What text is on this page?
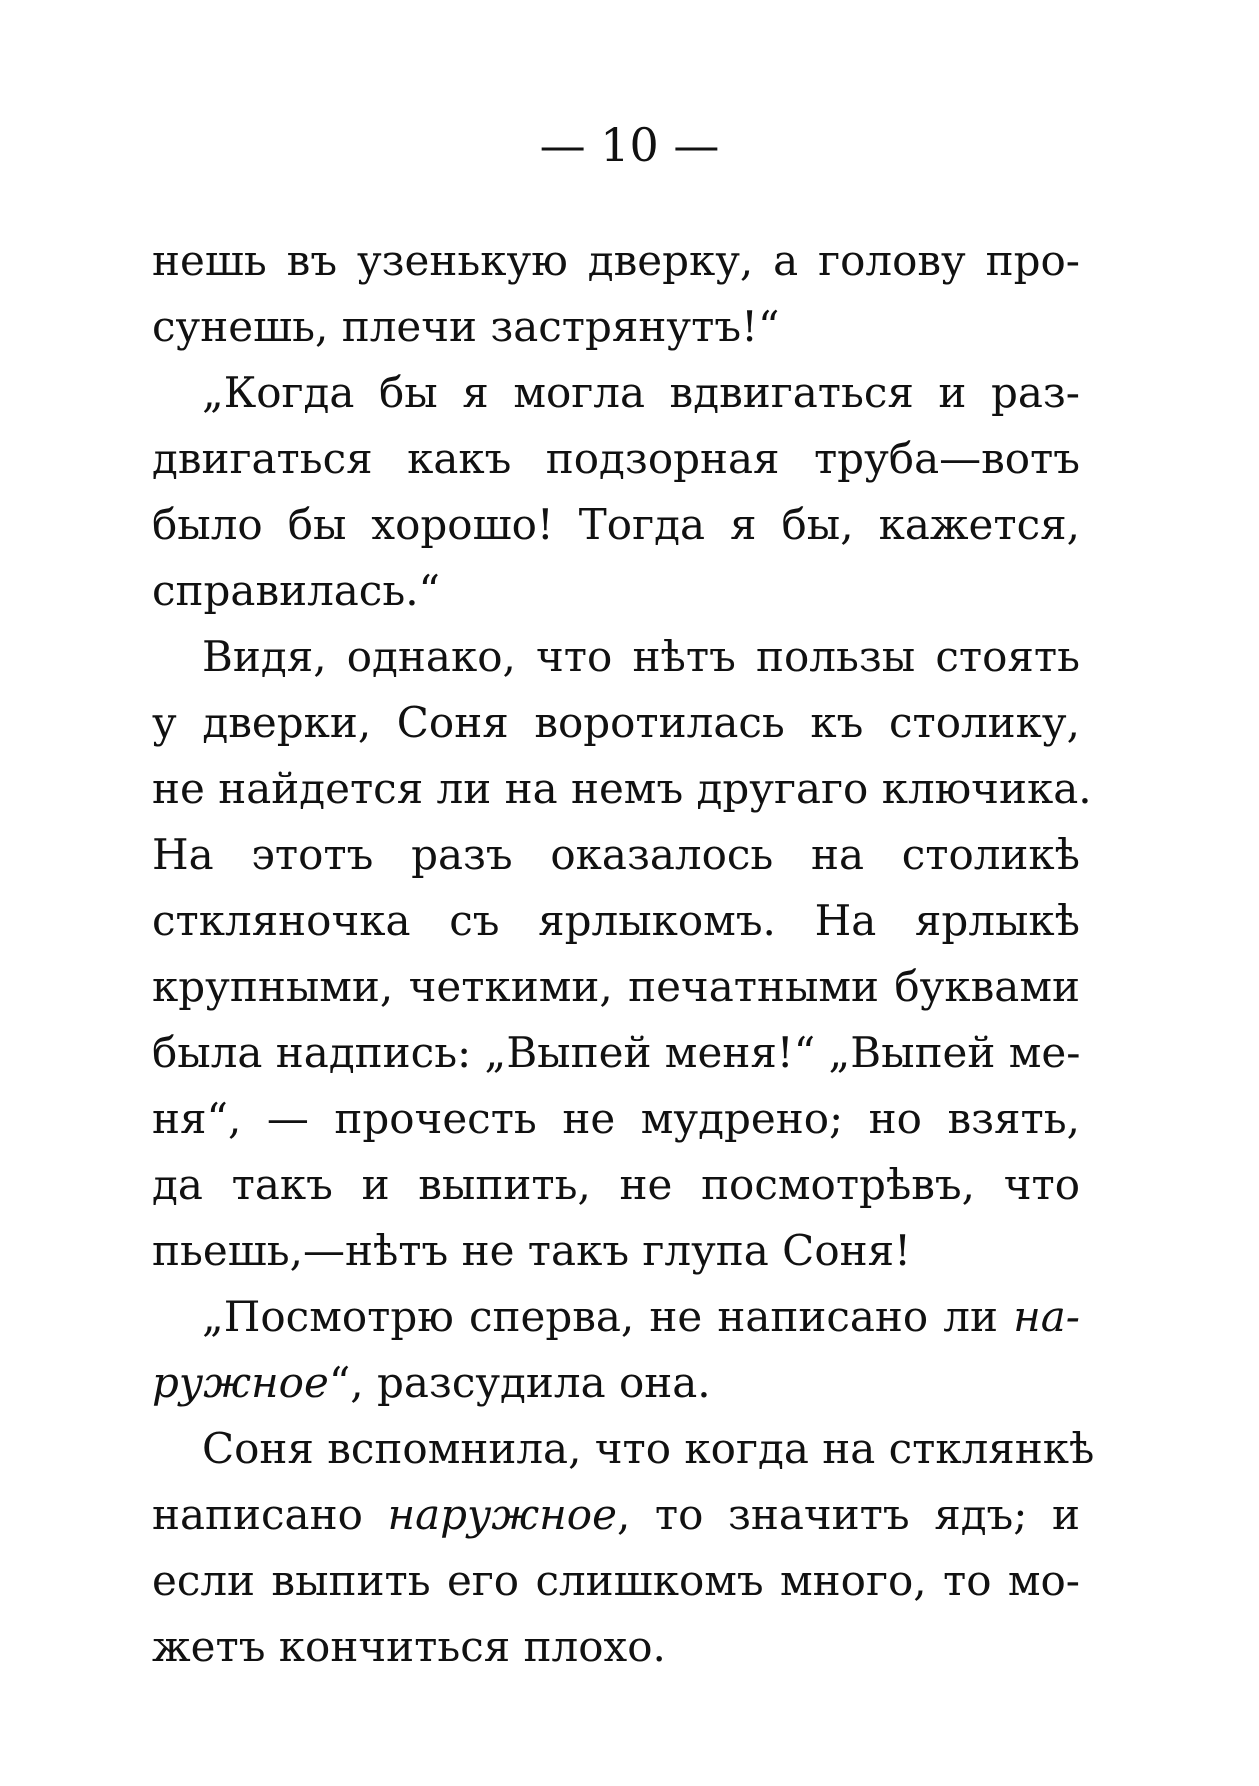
— 10 —
нешь въ узенькую дверку, а голову про-
сунешь, плечи застрянутъ!“
„Когда бы я могла вдвигаться и раз-
двигаться какъ подзорная труба—вотъ
было бы хорошо! Тогда я бы, кажется,
справилась.“
Видя, однако, что нѣтъ пользы стоять
у дверки, Соня воротилась къ столику,
не найдется ли на немъ другаго ключика.
На этотъ разъ оказалось на столикѣ
сткляночка съ ярлыкомъ. На ярлыкѣ
крупными, четкими, печатными буквами
была надпись: „Выпей меня!“ „Выпей ме-
ня“, — прочесть не мудрено; но взять,
да такъ и выпить, не посмотрѣвъ, что
пьешь,—нѣтъ не такъ глупа Соня!
„Посмотрю сперва, не написано ли на-
ружное“, разсудила она.
Соня вспомнила, что когда на стклянкѣ
написано наружное, то значитъ ядъ; и
если выпить его слишкомъ много, то мо-
жетъ кончиться плохо.
